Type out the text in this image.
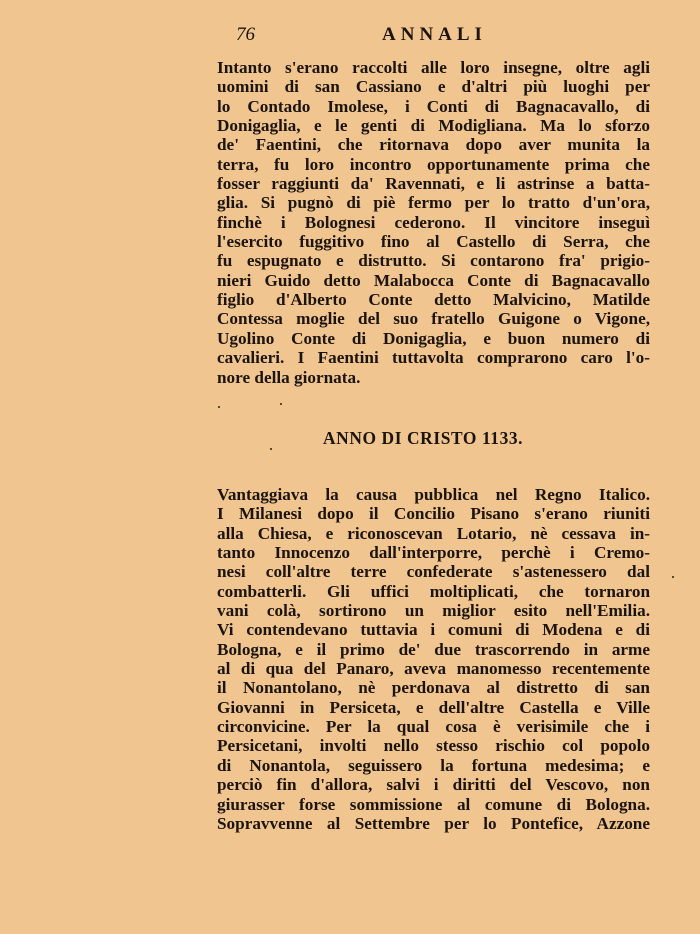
76	ANNALI
Intanto s'erano raccolti alle loro insegne, oltre agli
uomini di san Cassiano e d'altri più luoghi per
lo Contado Imolese, i Conti di Bagnacavallo, di
Donigaglia, e le genti di Modigliana. Ma lo sforzo
de' Faentini, che ritornava dopo aver munita la
terra, fu loro incontro opportunamente prima che
fosser raggiunti da' Ravennati, e li astrinse a batta-
glia. Si pugnò di piè fermo per lo tratto d'un'ora,
finchè i Bolognesi cederono. Il vincitore inseguì
l'esercito fuggitivo fino al Castello di Serra, che
fu espugnato e distrutto. Si contarono fra' prigio-
nieri Guido detto Malabocca Conte di Bagnacavallo
figlio d'Alberto Conte detto Malvicino, Matilde
Contessa moglie del suo fratello Guigone o Vigone,
Ugolino Conte di Donigaglia, e buon numero di
cavalieri. I Faentini tuttavolta comprarono caro l'o-
nore della giornata.
ANNO DI CRISTO 1133.
Vantaggiava la causa pubblica nel Regno Italico.
I Milanesi dopo il Concilio Pisano s'erano riuniti
alla Chiesa, e riconoscevan Lotario, nè cessava in-
tanto Innocenzo dall'interporre, perchè i Cremo-
nesi coll'altre terre confederate s'astenessero dal
combatterli. Gli uffici moltiplicati, che tornaron
vani colà, sortirono un miglior esito nell'Emilia.
Vi contendevano tuttavia i comuni di Modena e di
Bologna, e il primo de' due trascorrendo in arme
al di qua del Panaro, aveva manomesso recentemente
il Nonantolano, nè perdonava al distretto di san
Giovanni in Persiceta, e dell'altre Castella e Ville
circonvicine. Per la qual cosa è verisimile che i
Persicetani, involti nello stesso rischio col popolo
di Nonantola, seguissero la fortuna medesima; e
perciò fin d'allora, salvi i diritti del Vescovo, non
giurasser forse sommissione al comune di Bologna.
Sopravvenne al Settembre per lo Pontefice, Azzone
